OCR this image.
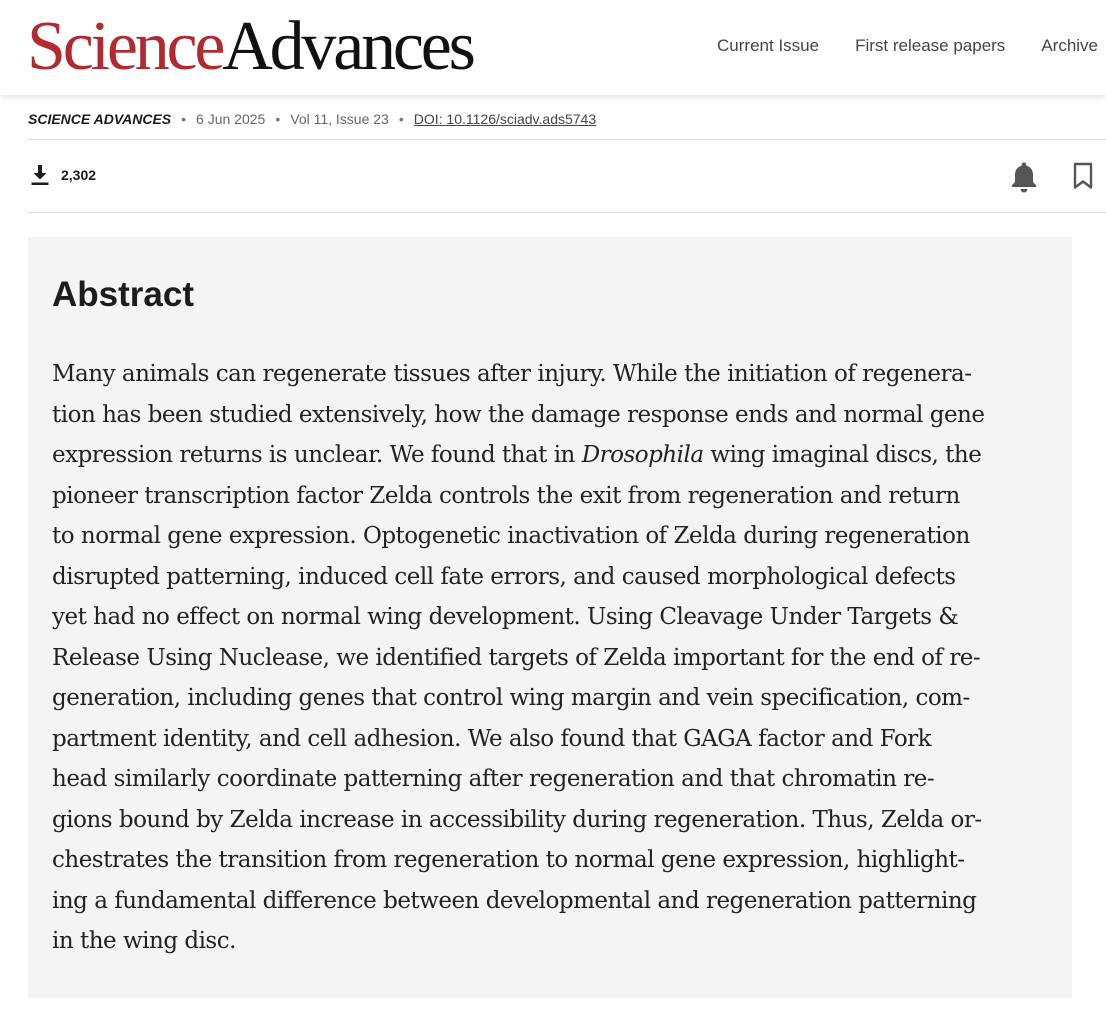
ScienceAdvances	Current Issue First release papers Archive
SCIENCE ADVANCES • 6 Jun 2025 • Vol 11, Issue 23 • DOI: 10.1126/sciadv.ads5743
2,302
Abstract
Many animals can regenerate tissues after injury. While the initiation of regenera-
tion has been studied extensively, how the damage response ends and normal gene
expression returns is unclear. We found that in Drosophila wing imaginal discs, the
pioneer transcription factor Zelda controls the exit from regeneration and return
to normal gene expression. Optogenetic inactivation of Zelda during regeneration
disrupted patterning, induced cell fate errors, and caused morphological defects
yet had no effect on normal wing development. Using Cleavage Under Targets &
Release Using Nuclease, we identified targets of Zelda important for the end of re-
generation, including genes that control wing margin and vein specification, com-
partment identity, and cell adhesion. We also found that GAGA factor and Fork
head similarly coordinate patterning after regeneration and that chromatin re-
gions bound by Zelda increase in accessibility during regeneration. Thus, Zelda or-
chestrates the transition from regeneration to normal gene expression, highlight-
ing a fundamental difference between developmental and regeneration patterning
in the wing disc.
